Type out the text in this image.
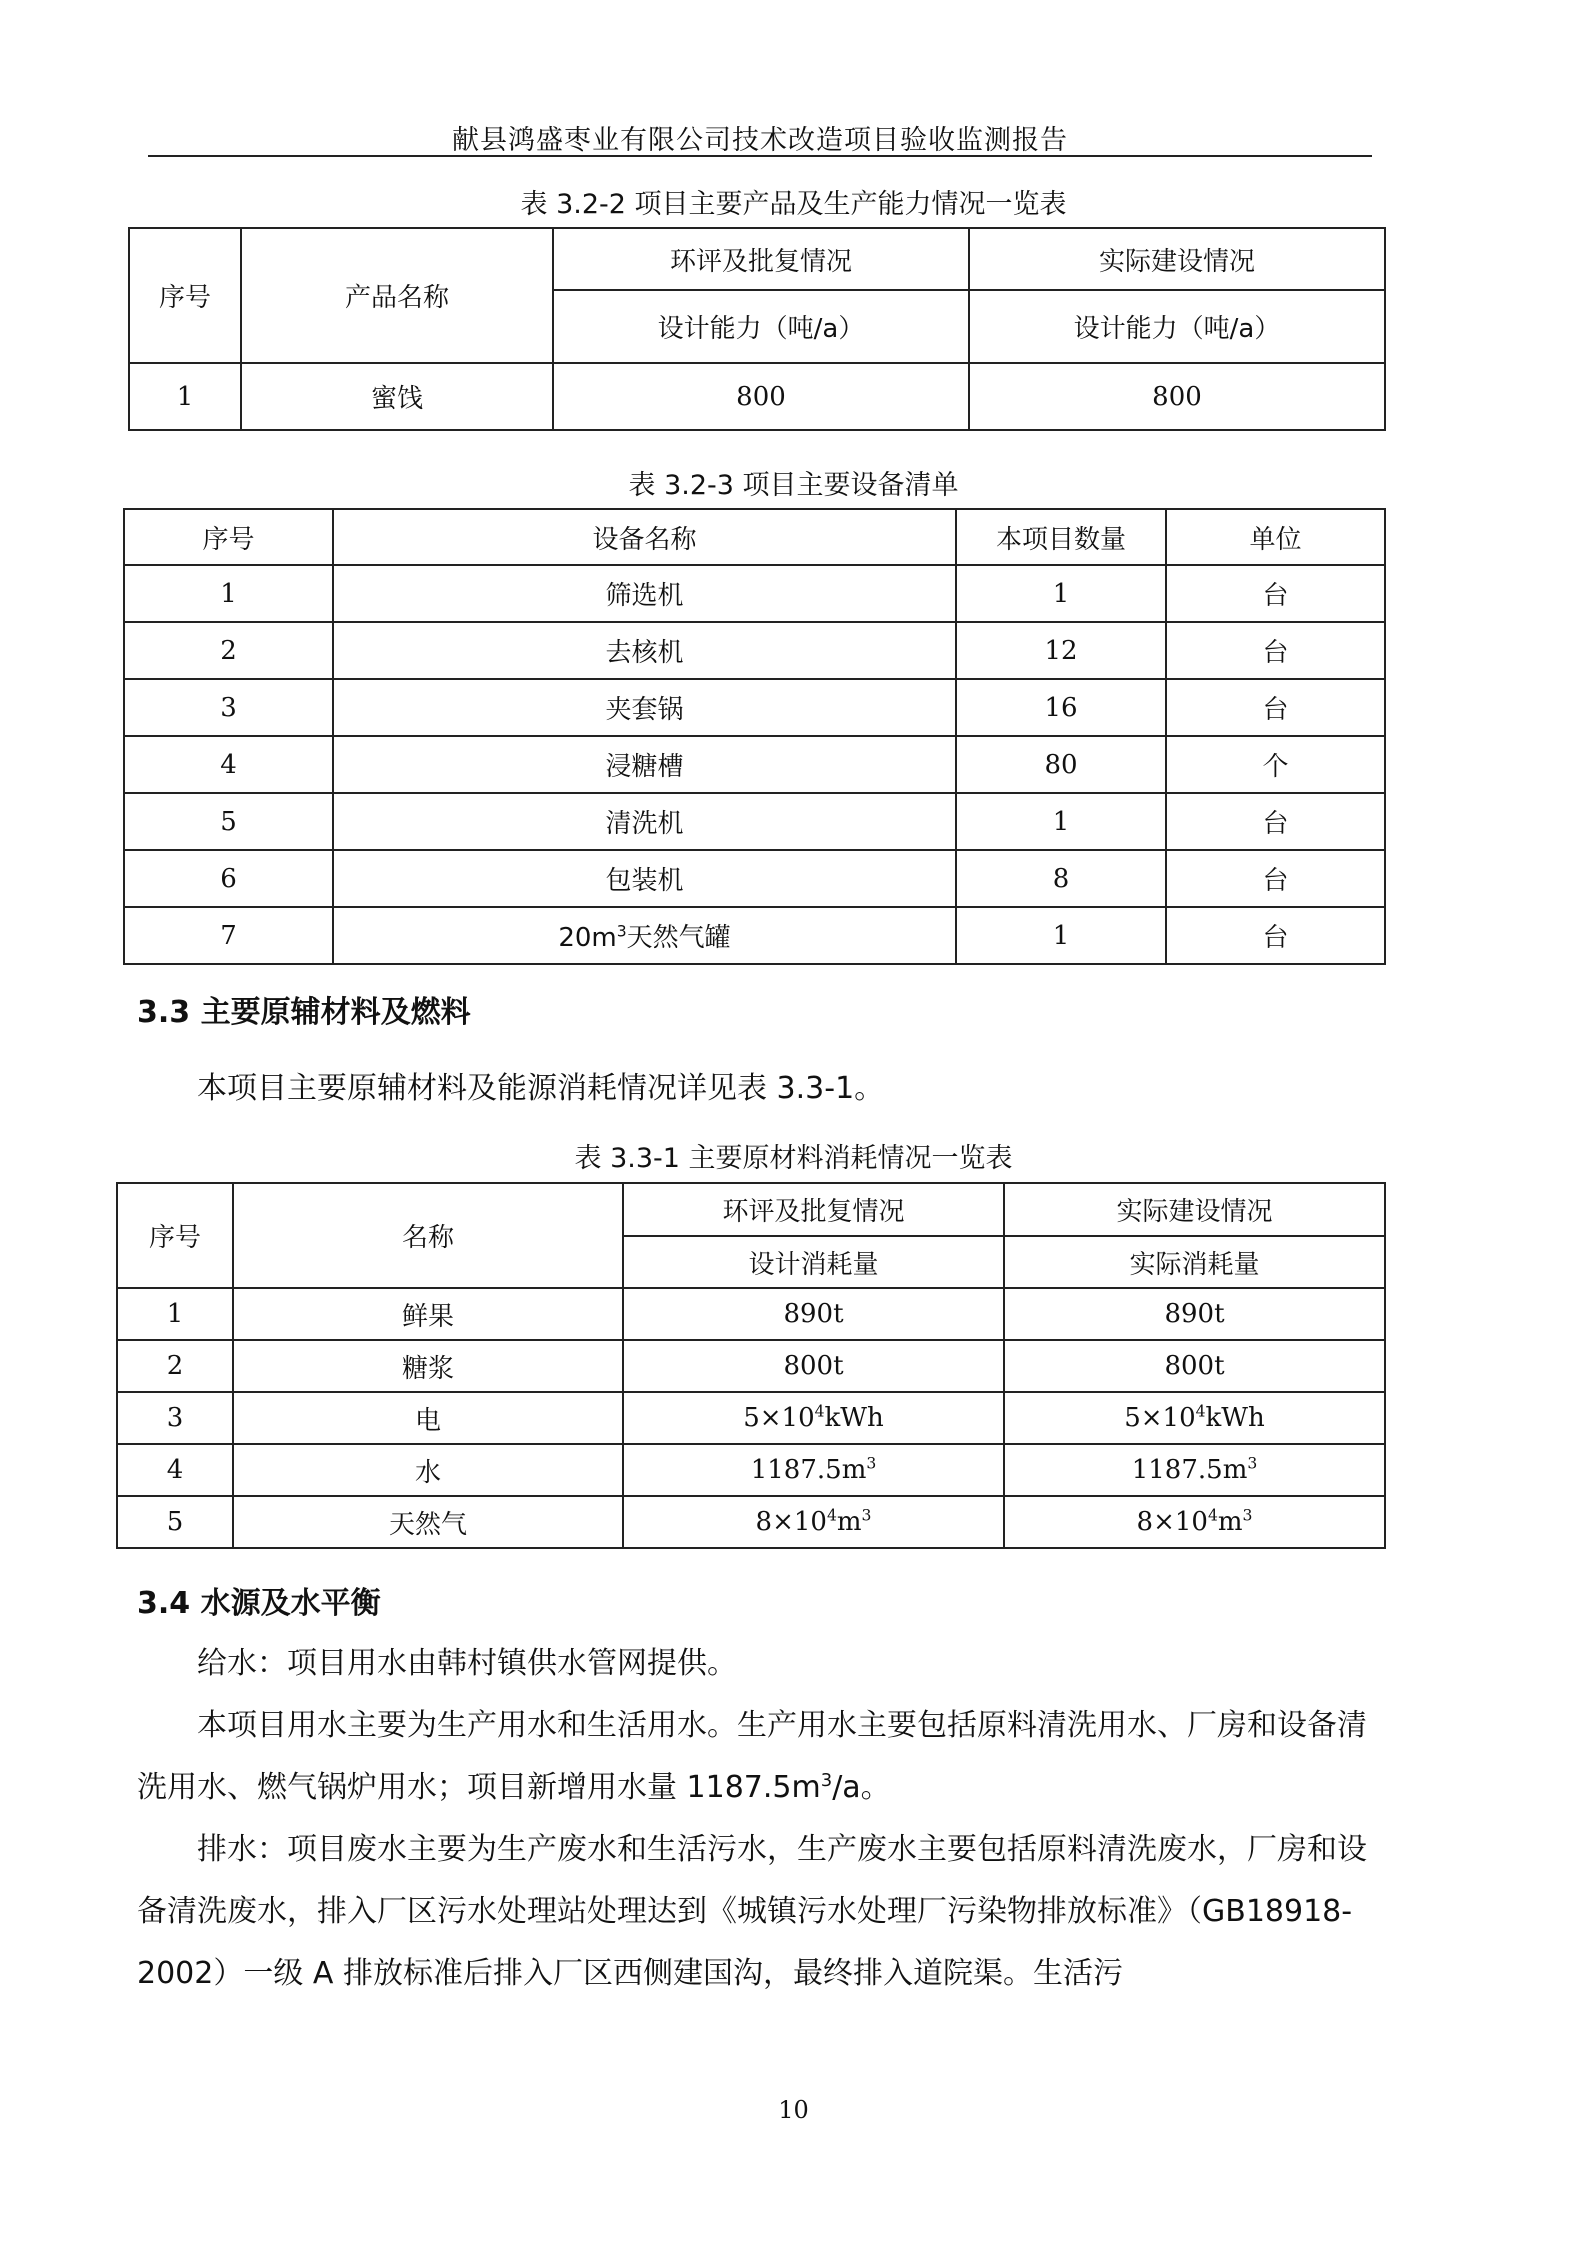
献县鸿盛枣业有限公司技术改造项目验收监测报告
表 3.2-2 项目主要产品及生产能力情况一览表
序号	产品名称	环评及批复情况	实际建设情况
		设计能力（吨/a）	设计能力（吨/a）
1	蜜饯	800	800
表 3.2-3 项目主要设备清单
序号	设备名称	本项目数量	单位
1	筛选机	1	台
2	去核机	12	台
3	夹套锅	16	台
4	浸糖槽	80	个
5	清洗机	1	台
6	包装机	8	台
7	$20m^3$天然气罐	1	台
3.3 主要原辅材料及燃料
本项目主要原辅材料及能源消耗情况详见表 3.3-1。
表 3.3-1 主要原材料消耗情况一览表
序号	名称	环评及批复情况	实际建设情况
		设计消耗量	实际消耗量
1	鲜果	890t	890t
2	糖浆	800t	800t
3	电	$5\times 10^4kWh$	$5\times 10^4kWh$
4	水	$1187.5m^3$	$1187.5m^3$
5	天然气	$8\times 10^4m^3$	$8\times 10^4m^3$
3.4 水源及水平衡
给水：项目用水由韩村镇供水管网提供。
本项目用水主要为生产用水和生活用水。生产用水主要包括原料清洗用水、厂房和设备清洗用水、燃气锅炉用水；项目新增用水量 $1187.5m^3/a$。
排水：项目废水主要为生产废水和生活污水，生产废水主要包括原料清洗废水，厂房和设备清洗废水，排入厂区污水处理站处理达到《城镇污水处理厂污染物排放标准》（GB18918-2002）一级 A 排放标准后排入厂区西侧建国沟，最终排入道院渠。生活污
10
